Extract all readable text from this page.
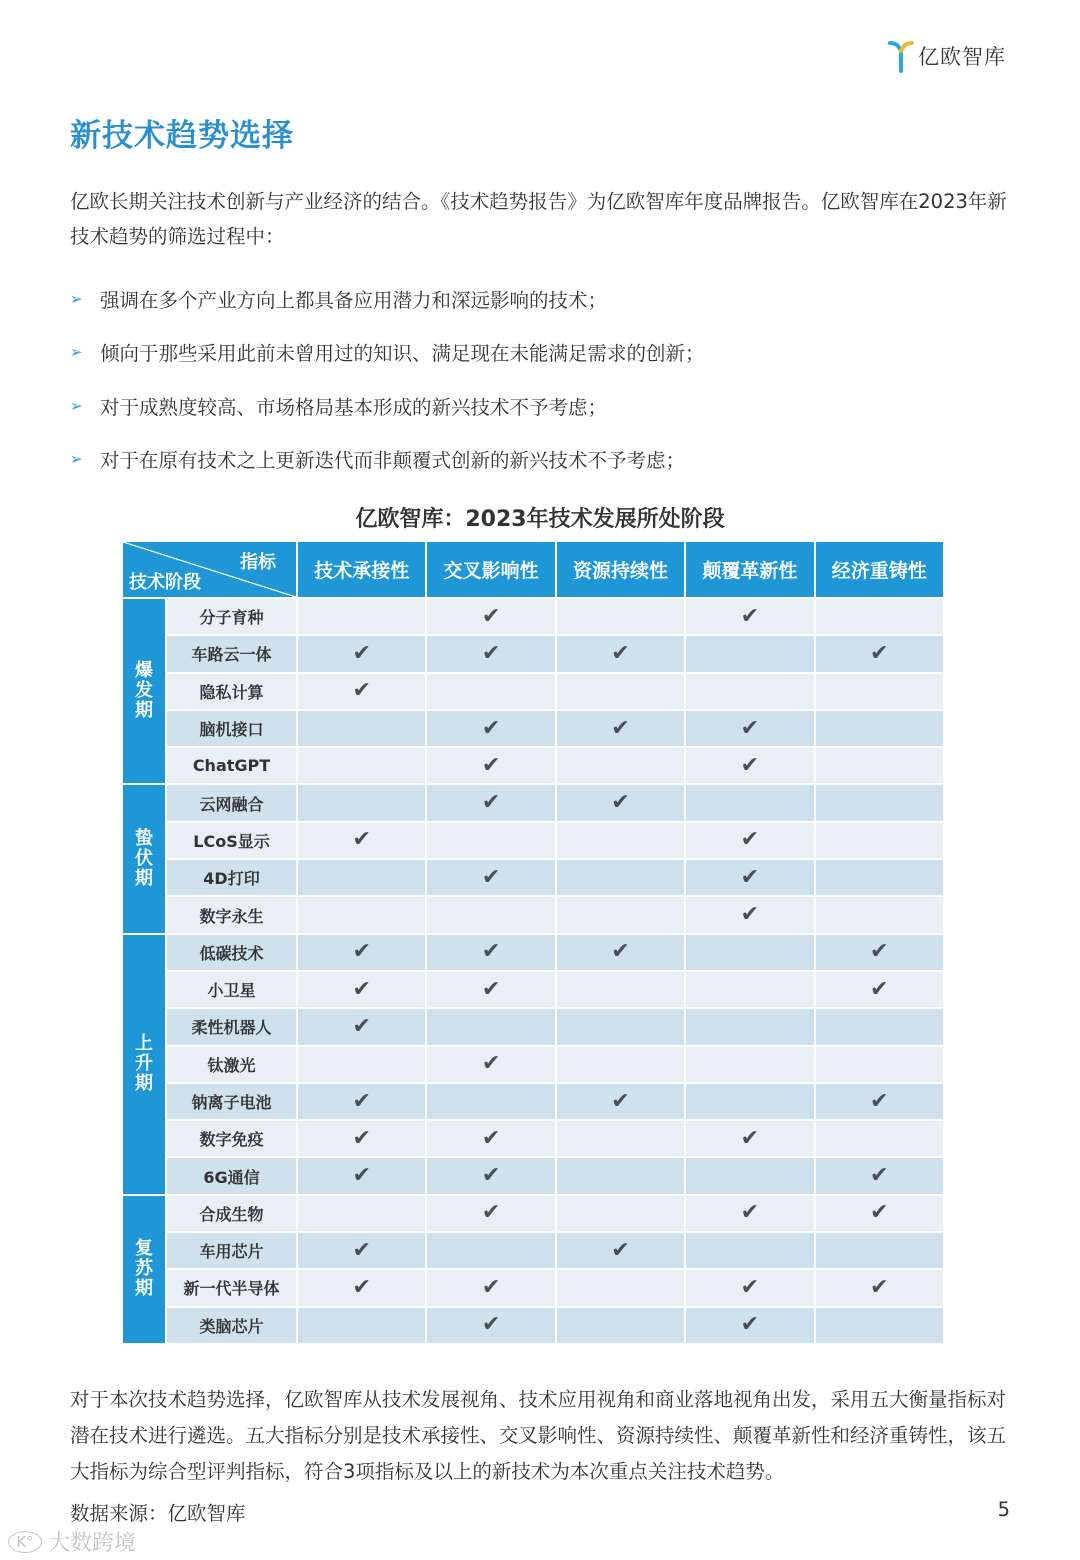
亿欧智库
新技术趋势选择

亿欧长期关注技术创新与产业经济的结合。《技术趋势报告》为亿欧智库年度品牌报告。亿欧智库在2023年新技术趋势的筛选过程中：

➢ 强调在多个产业方向上都具备应用潜力和深远影响的技术；
➢ 倾向于那些采用此前未曾用过的知识、满足现在未能满足需求的创新；
➢ 对于成熟度较高、市场格局基本形成的新兴技术不予考虑；
➢ 对于在原有技术之上更新迭代而非颠覆式创新的新兴技术不予考虑；
亿欧智库：2023年技术发展所处阶段
指标
技术阶段		技术承接性	交叉影响性	资源持续性	颠覆革新性	经济重铸性
爆发期	分子育种		✔		✔	
	车路云一体	✔	✔	✔		✔
	隐私计算	✔				
	脑机接口		✔	✔	✔	
	ChatGPT		✔		✔	
蛰伏期	云网融合		✔	✔		
	LCoS显示	✔			✔	
	4D打印		✔		✔	
	数字永生				✔	
上升期	低碳技术	✔	✔	✔		✔
	小卫星	✔	✔			✔
	柔性机器人	✔				
	钛激光		✔			
	钠离子电池	✔		✔		✔
	数字免疫	✔	✔		✔	
	6G通信	✔	✔			✔
复苏期	合成生物		✔		✔	✔
	车用芯片	✔		✔		
	新一代半导体	✔	✔		✔	✔
	类脑芯片		✔		✔	

对于本次技术趋势选择，亿欧智库从技术发展视角、技术应用视角和商业落地视角出发，采用五大衡量指标对潜在技术进行遴选。五大指标分别是技术承接性、交叉影响性、资源持续性、颠覆革新性和经济重铸性，该五大指标为综合型评判指标，符合3项指标及以上的新技术为本次重点关注技术趋势。

数据来源：亿欧智库	5
K° 大数跨境
